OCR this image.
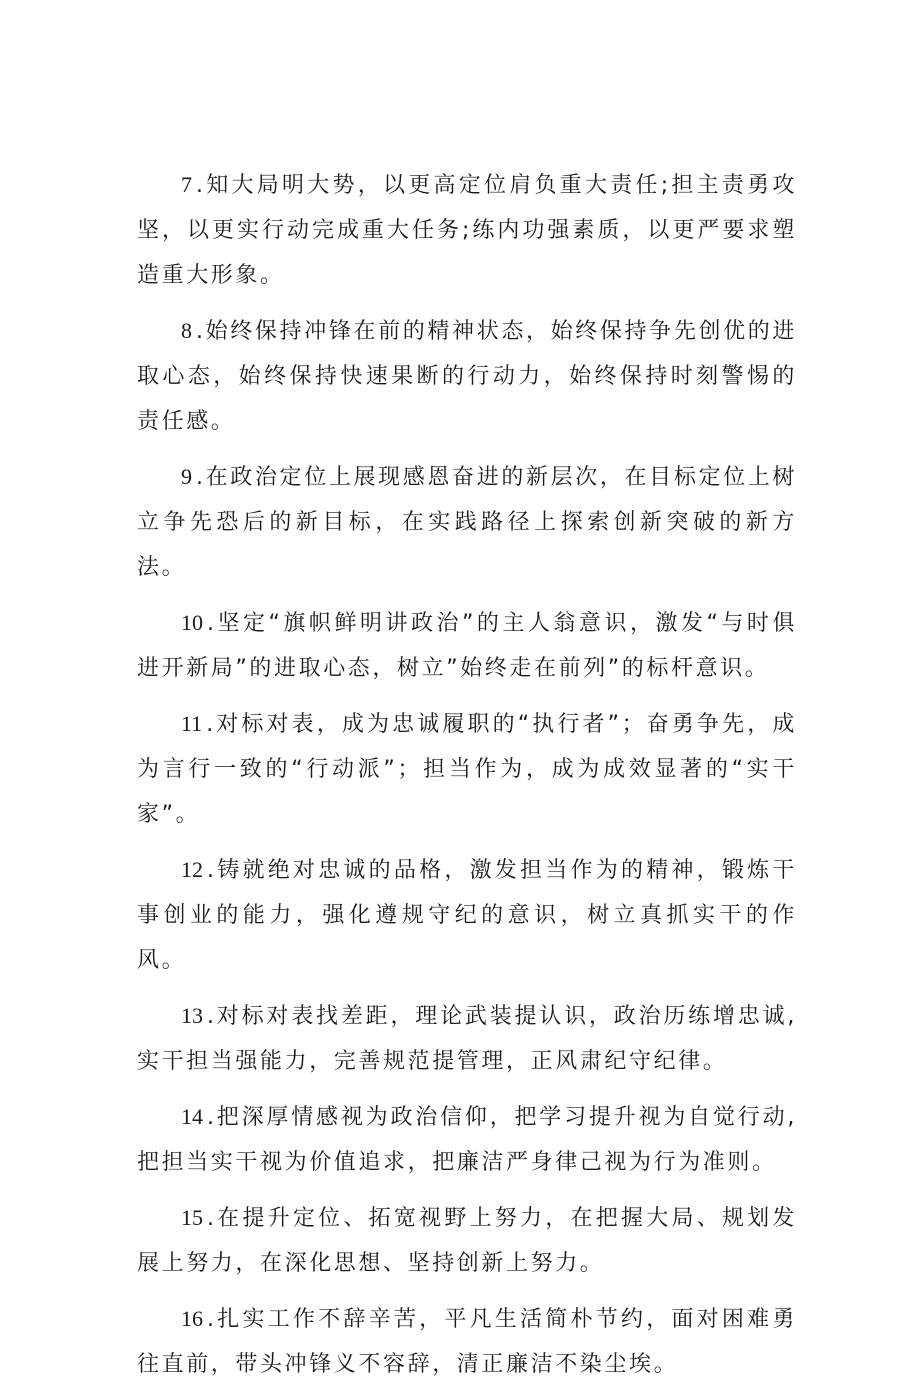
7 .知大局明大势，以更高定位肩负重大责任;担主责勇攻坚，以更实行动完成重大任务;练内功强素质，以更严要求塑造重大形象。

8 .始终保持冲锋在前的精神状态，始终保持争先创优的进取心态，始终保持快速果断的行动力，始终保持时刻警惕的责任感。

9 .在政治定位上展现感恩奋进的新层次，在目标定位上树立争先恐后的新目标，在实践路径上探索创新突破的新方法。

10 .坚定“旗帜鲜明讲政治”的主人翁意识，激发“与时俱进开新局”的进取心态，树立”始终走在前列”的标杆意识。

11 .对标对表，成为忠诚履职的“执行者”；奋勇争先，成为言行一致的“行动派”；担当作为，成为成效显著的“实干家”。

12 .铸就绝对忠诚的品格，激发担当作为的精神，锻炼干事创业的能力，强化遵规守纪的意识，树立真抓实干的作风。

13 .对标对表找差距，理论武装提认识，政治历练增忠诚,实干担当强能力，完善规范提管理，正风肃纪守纪律。

14 .把深厚情感视为政治信仰，把学习提升视为自觉行动,把担当实干视为价值追求，把廉洁严身律己视为行为准则。

15 .在提升定位、拓宽视野上努力，在把握大局、规划发展上努力，在深化思想、坚持创新上努力。

16 .扎实工作不辞辛苦，平凡生活简朴节约，面对困难勇往直前，带头冲锋义不容辞，清正廉洁不染尘埃。
